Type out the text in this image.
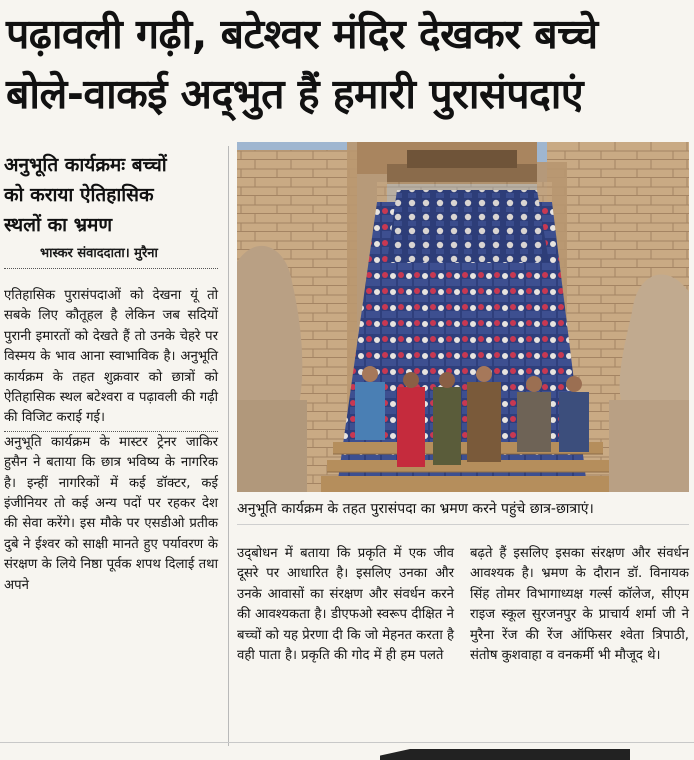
पढ़ावली गढ़ी, बटेश्वर मंदिर देखकर बच्चे
बोले-वाकई अद्‌भुत हैं हमारी पुरासंपदाएं
अनुभूति कार्यक्रमः बच्चों
को कराया ऐतिहासिक
स्थलों का भ्रमण
भास्कर संवाददाता। मुरैना

एतिहासिक पुरासंपदाओं को देखना यूं तो सबके लिए कौतूहल है लेकिन जब सदियों पुरानी इमारतों को देखते हैं तो उनके चेहरे पर विस्मय के भाव आना स्वाभाविक है। अनुभूति कार्यक्रम के तहत शुक्रवार को छात्रों को ऐतिहासिक स्थल बटेश्वरा व पढ़ावली की गढ़ी की विजिट कराई गई।

अनुभूति कार्यक्रम के मास्टर ट्रेनर जाकिर हुसैन ने बताया कि छात्र भविष्य के नागरिक है। इन्हीं नागरिकों में कई डॉक्टर, कई इंजीनियर तो कई अन्य पदों पर रहकर देश की सेवा करेंगे। इस मौके पर एसडीओ प्रतीक दुबे ने ईश्वर को साक्षी मानते हुए पर्यावरण के संरक्षण के लिये निष्ठा पूर्वक शपथ दिलाई तथा अपने

अनुभूति कार्यक्रम के तहत पुरासंपदा का भ्रमण करने पहुंचे छात्र-छात्राएं।

उद्‌बोधन में बताया कि प्रकृति में एक जीव दूसरे पर आधारित है। इसलिए उनका और उनके आवासों का संरक्षण और संवर्धन करने की आवश्यकता है। डीएफओ स्वरूप दीक्षित ने बच्चों को यह प्रेरणा दी कि जो मेहनत करता है वही पाता है। प्रकृति की गोद में ही हम पलते

बढ़ते हैं इसलिए इसका संरक्षण और संवर्धन आवश्यक है। भ्रमण के दौरान डॉ. विनायक सिंह तोमर विभागाध्यक्ष गर्ल्स कॉलेज, सीएम राइज स्कूल सुरजनपुर के प्राचार्य शर्मा जी ने मुरैना रेंज की रेंज ऑफिसर श्वेता त्रिपाठी, संतोष कुशवाहा व वनकर्मी भी मौजूद थे।
